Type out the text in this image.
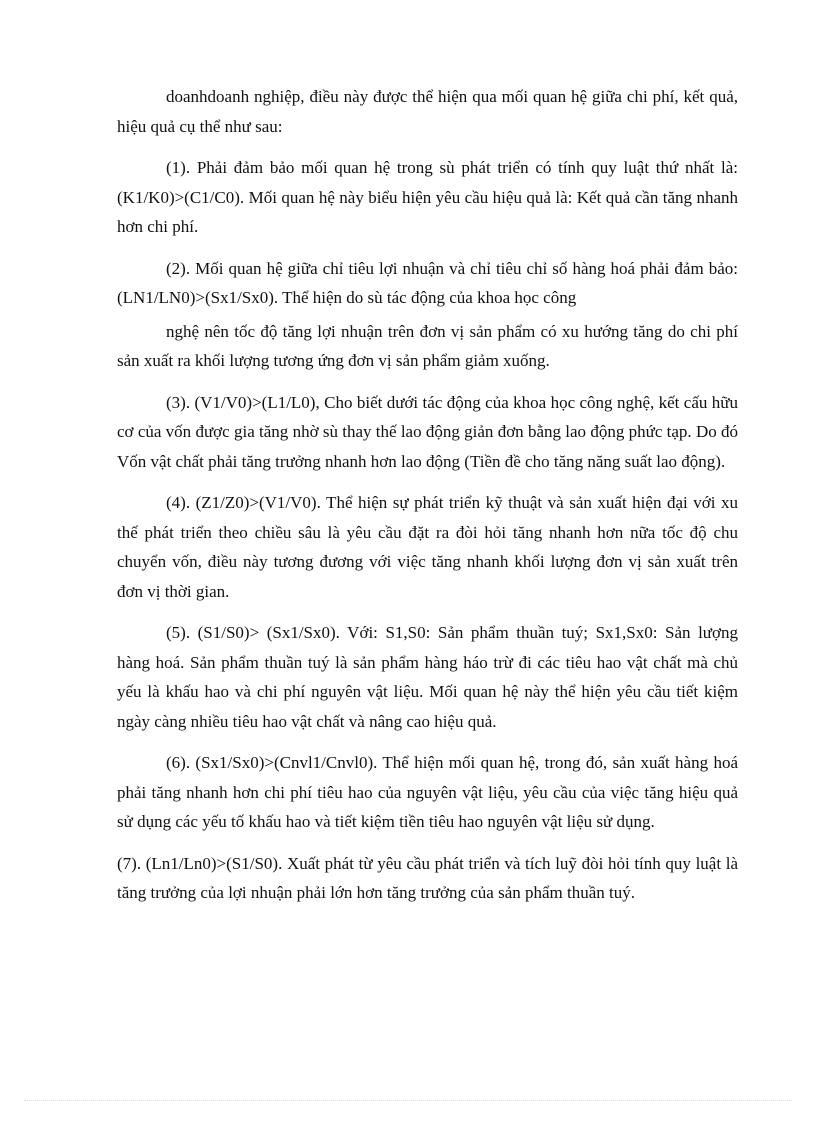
doanhdoanh nghiệp, điều này được thể hiện qua mối quan hệ giữa chi phí, kết quả, hiệu quả cụ thể như sau:

(1). Phải đảm bảo mối quan hệ trong sù phát triển có tính quy luật thứ nhất là: (K1/K0)>(C1/C0). Mối quan hệ này biểu hiện yêu cầu hiệu quả là: Kết quả cần tăng nhanh hơn chi phí.

(2). Mối quan hệ giữa chỉ tiêu lợi nhuận và chỉ tiêu chỉ số hàng hoá phải đảm bảo: (LN1/LN0)>(Sx1/Sx0). Thể hiện do sù tác động của khoa học công

nghệ nên tốc độ tăng lợi nhuận trên đơn vị sản phẩm có xu hướng tăng do chi phí sản xuất ra khối lượng tương ứng đơn vị sản phẩm giảm xuống.

(3). (V1/V0)>(L1/L0), Cho biết dưới tác động của khoa học công nghệ, kết cấu hữu cơ của vốn được gia tăng nhờ sù thay thế lao động giản đơn bằng lao động phức tạp. Do đó Vốn vật chất phải tăng trưởng nhanh hơn lao động (Tiền đề cho tăng năng suất lao động).

(4). (Z1/Z0)>(V1/V0). Thể hiện sự phát triển kỹ thuật và sản xuất hiện đại với xu thế phát triển theo chiều sâu là yêu cầu đặt ra đòi hỏi tăng nhanh hơn nữa tốc độ chu chuyển vốn, điều này tương đương với việc tăng nhanh khối lượng đơn vị sản xuất trên đơn vị thời gian.

(5). (S1/S0)> (Sx1/Sx0). Với: S1,S0: Sản phẩm thuần tuý; Sx1,Sx0: Sản lượng hàng hoá. Sản phẩm thuần tuý là sản phẩm hàng háo trừ đi các tiêu hao vật chất mà chủ yếu là khấu hao và chi phí nguyên vật liệu. Mối quan hệ này thể hiện yêu cầu tiết kiệm ngày càng nhiều tiêu hao vật chất và nâng cao hiệu quả.

(6). (Sx1/Sx0)>(Cnvl1/Cnvl0). Thể hiện mối quan hệ, trong đó, sản xuất hàng hoá phải tăng nhanh hơn chi phí tiêu hao của nguyên vật liệu, yêu cầu của việc tăng hiệu quả sử dụng các yếu tố khấu hao và tiết kiệm tiền tiêu hao nguyên vật liệu sử dụng.

(7). (Ln1/Ln0)>(S1/S0). Xuất phát từ yêu cầu phát triển và tích luỹ đòi hỏi tính quy luật là tăng trưởng của lợi nhuận phải lớn hơn tăng trưởng của sản phẩm thuần tuý.
